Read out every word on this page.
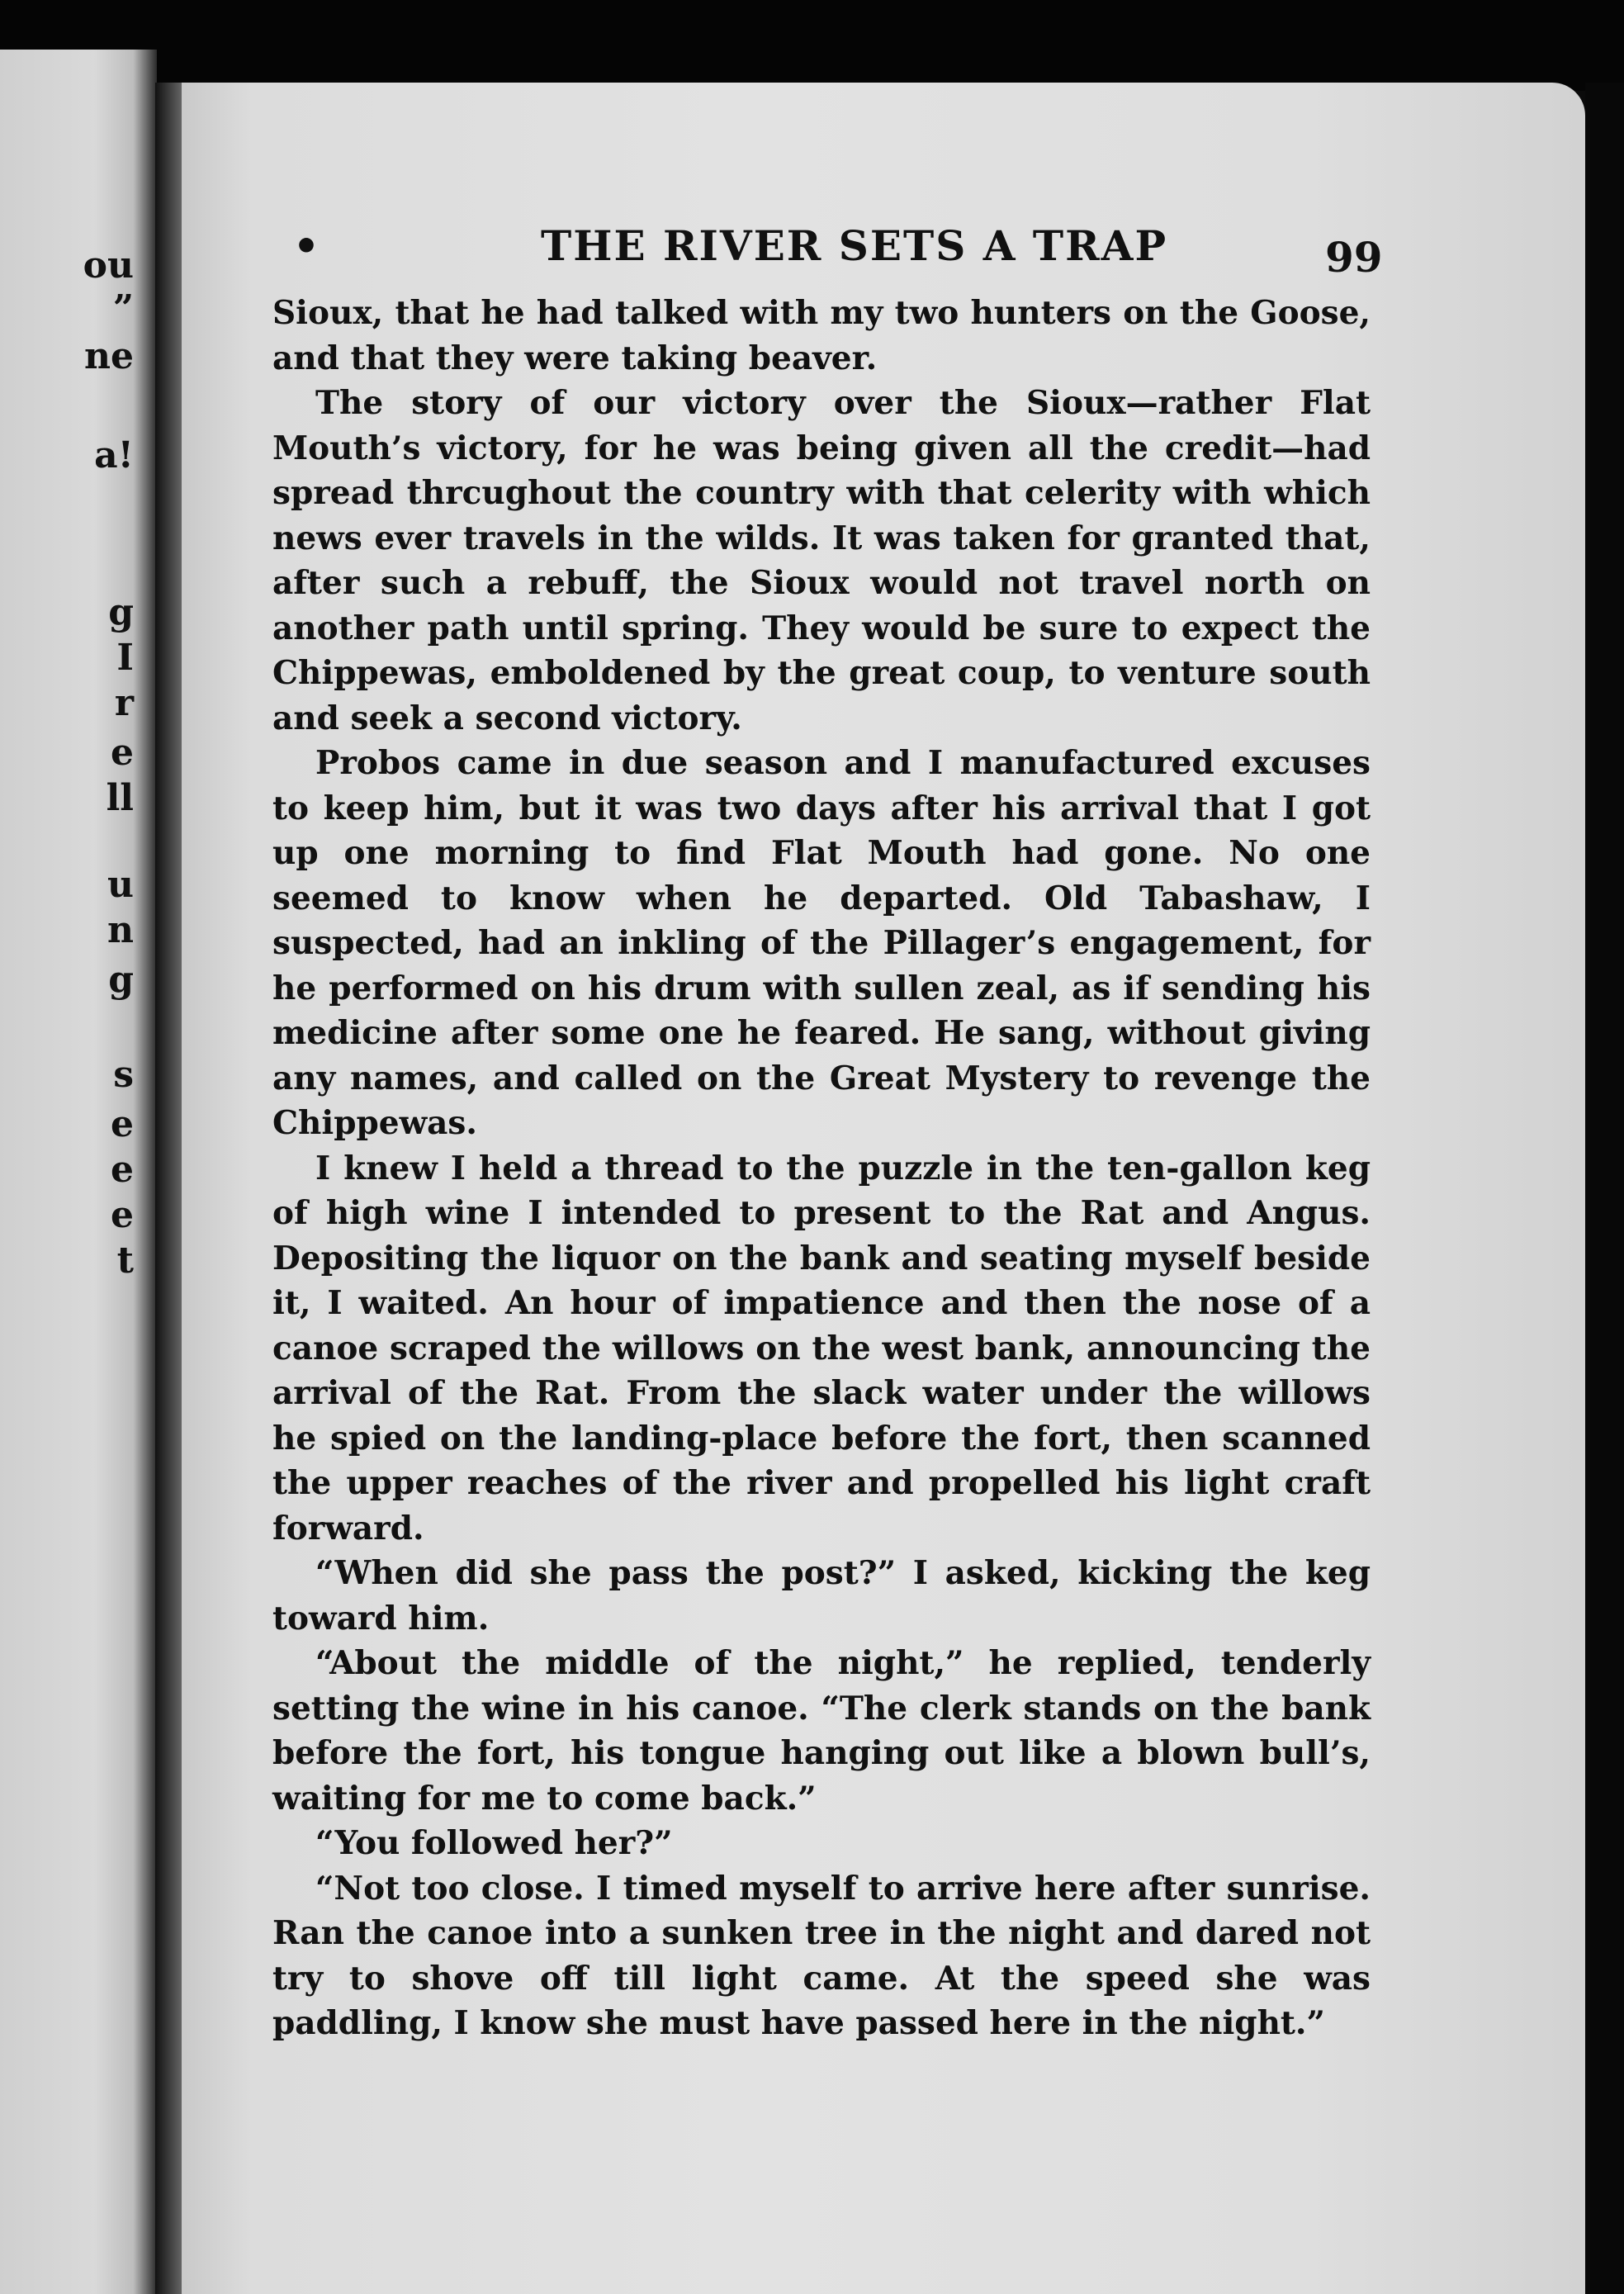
ou
”
ne
a!
g
I
r
e
ll
u
n
g
s
e
e
e
t
•	THE RIVER SETS A TRAP	99

Sioux, that he had talked with my two hunters on the Goose, and that they were taking beaver.

The story of our victory over the Sioux—rather Flat Mouth’s victory, for he was being given all the credit—had spread thrcughout the country with that celerity with which news ever travels in the wilds. It was taken for granted that, after such a rebuff, the Sioux would not travel north on another path until spring. They would be sure to expect the Chippewas, emboldened by the great coup, to venture south and seek a second victory.

Probos came in due season and I manufactured excuses to keep him, but it was two days after his arrival that I got up one morning to find Flat Mouth had gone. No one seemed to know when he departed. Old Tabashaw, I suspected, had an inkling of the Pillager’s engagement, for he performed on his drum with sullen zeal, as if sending his medicine after some one he feared. He sang, without giving any names, and called on the Great Mystery to revenge the Chippewas.

I knew I held a thread to the puzzle in the ten-gallon keg of high wine I intended to present to the Rat and Angus. Depositing the liquor on the bank and seating myself beside it, I waited. An hour of impatience and then the nose of a canoe scraped the willows on the west bank, announcing the arrival of the Rat. From the slack water under the willows he spied on the landing-place before the fort, then scanned the upper reaches of the river and propelled his light craft forward.

“When did she pass the post?” I asked, kicking the keg toward him.

“About the middle of the night,” he replied, tenderly setting the wine in his canoe. “The clerk stands on the bank before the fort, his tongue hanging out like a blown bull’s, waiting for me to come back.”

“You followed her?”

“Not too close. I timed myself to arrive here after sunrise. Ran the canoe into a sunken tree in the night and dared not try to shove off till light came. At the speed she was paddling, I know she must have passed here in the night.”
